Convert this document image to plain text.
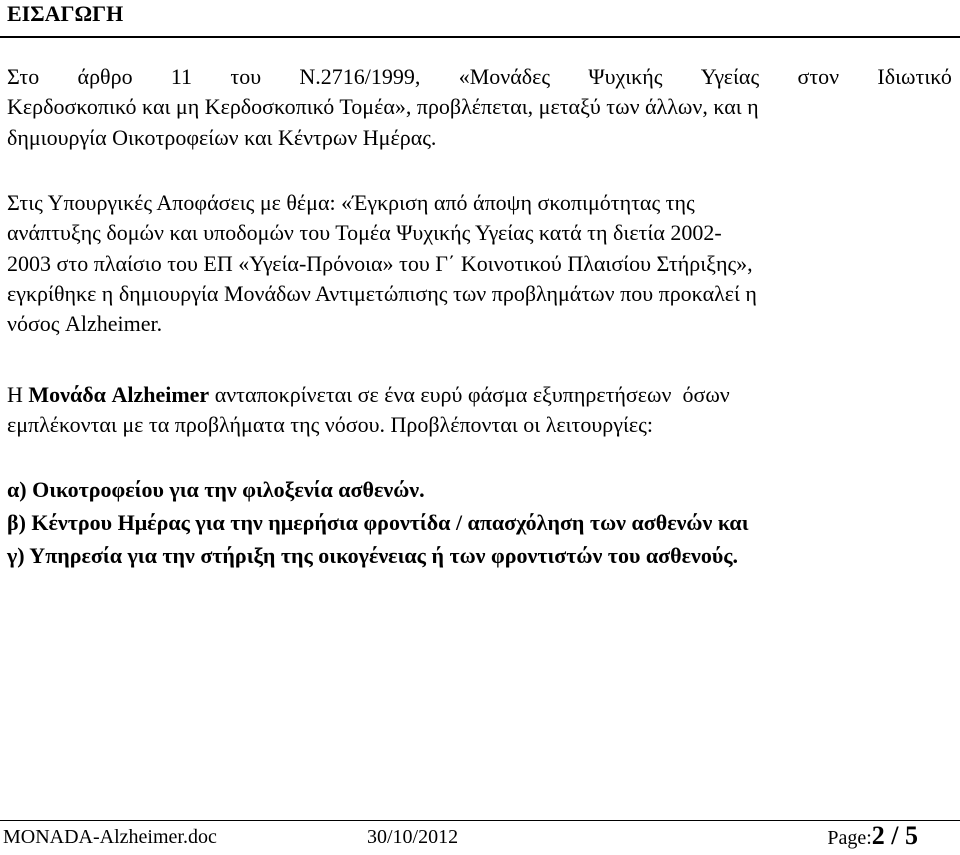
ΕΙΣΑΓΩΓΗ
Στο άρθρο 11 του Ν.2716/1999, «Μονάδες Ψυχικής Υγείας στον Ιδιωτικό
Κερδοσκοπικό και μη Κερδοσκοπικό Τομέα», προβλέπεται, μεταξύ των άλλων, και η
δημιουργία Οικοτροφείων και Κέντρων Ημέρας.
Στις Υπουργικές Αποφάσεις με θέμα: «Έγκριση από άποψη σκοπιμότητας της
ανάπτυξης δομών και υποδομών του Τομέα Ψυχικής Υγείας κατά τη διετία 2002-
2003 στο πλαίσιο του ΕΠ «Υγεία-Πρόνοια» του Γ΄ Κοινοτικού Πλαισίου Στήριξης»,
εγκρίθηκε η δημιουργία Μονάδων Αντιμετώπισης των προβλημάτων που προκαλεί η
νόσος Alzheimer.
Η Μονάδα Alzheimer ανταποκρίνεται σε ένα ευρύ φάσμα εξυπηρετήσεων  όσων
εμπλέκονται με τα προβλήματα της νόσου. Προβλέπονται οι λειτουργίες:
α) Οικοτροφείου για την φιλοξενία ασθενών.
β) Κέντρου Ημέρας για την ημερήσια φροντίδα / απασχόληση των ασθενών και
γ) Υπηρεσία για την στήριξη της οικογένειας ή των φροντιστών του ασθενούς.
MONADA-Alzheimer.doc	30/10/2012	Page:2 / 5
